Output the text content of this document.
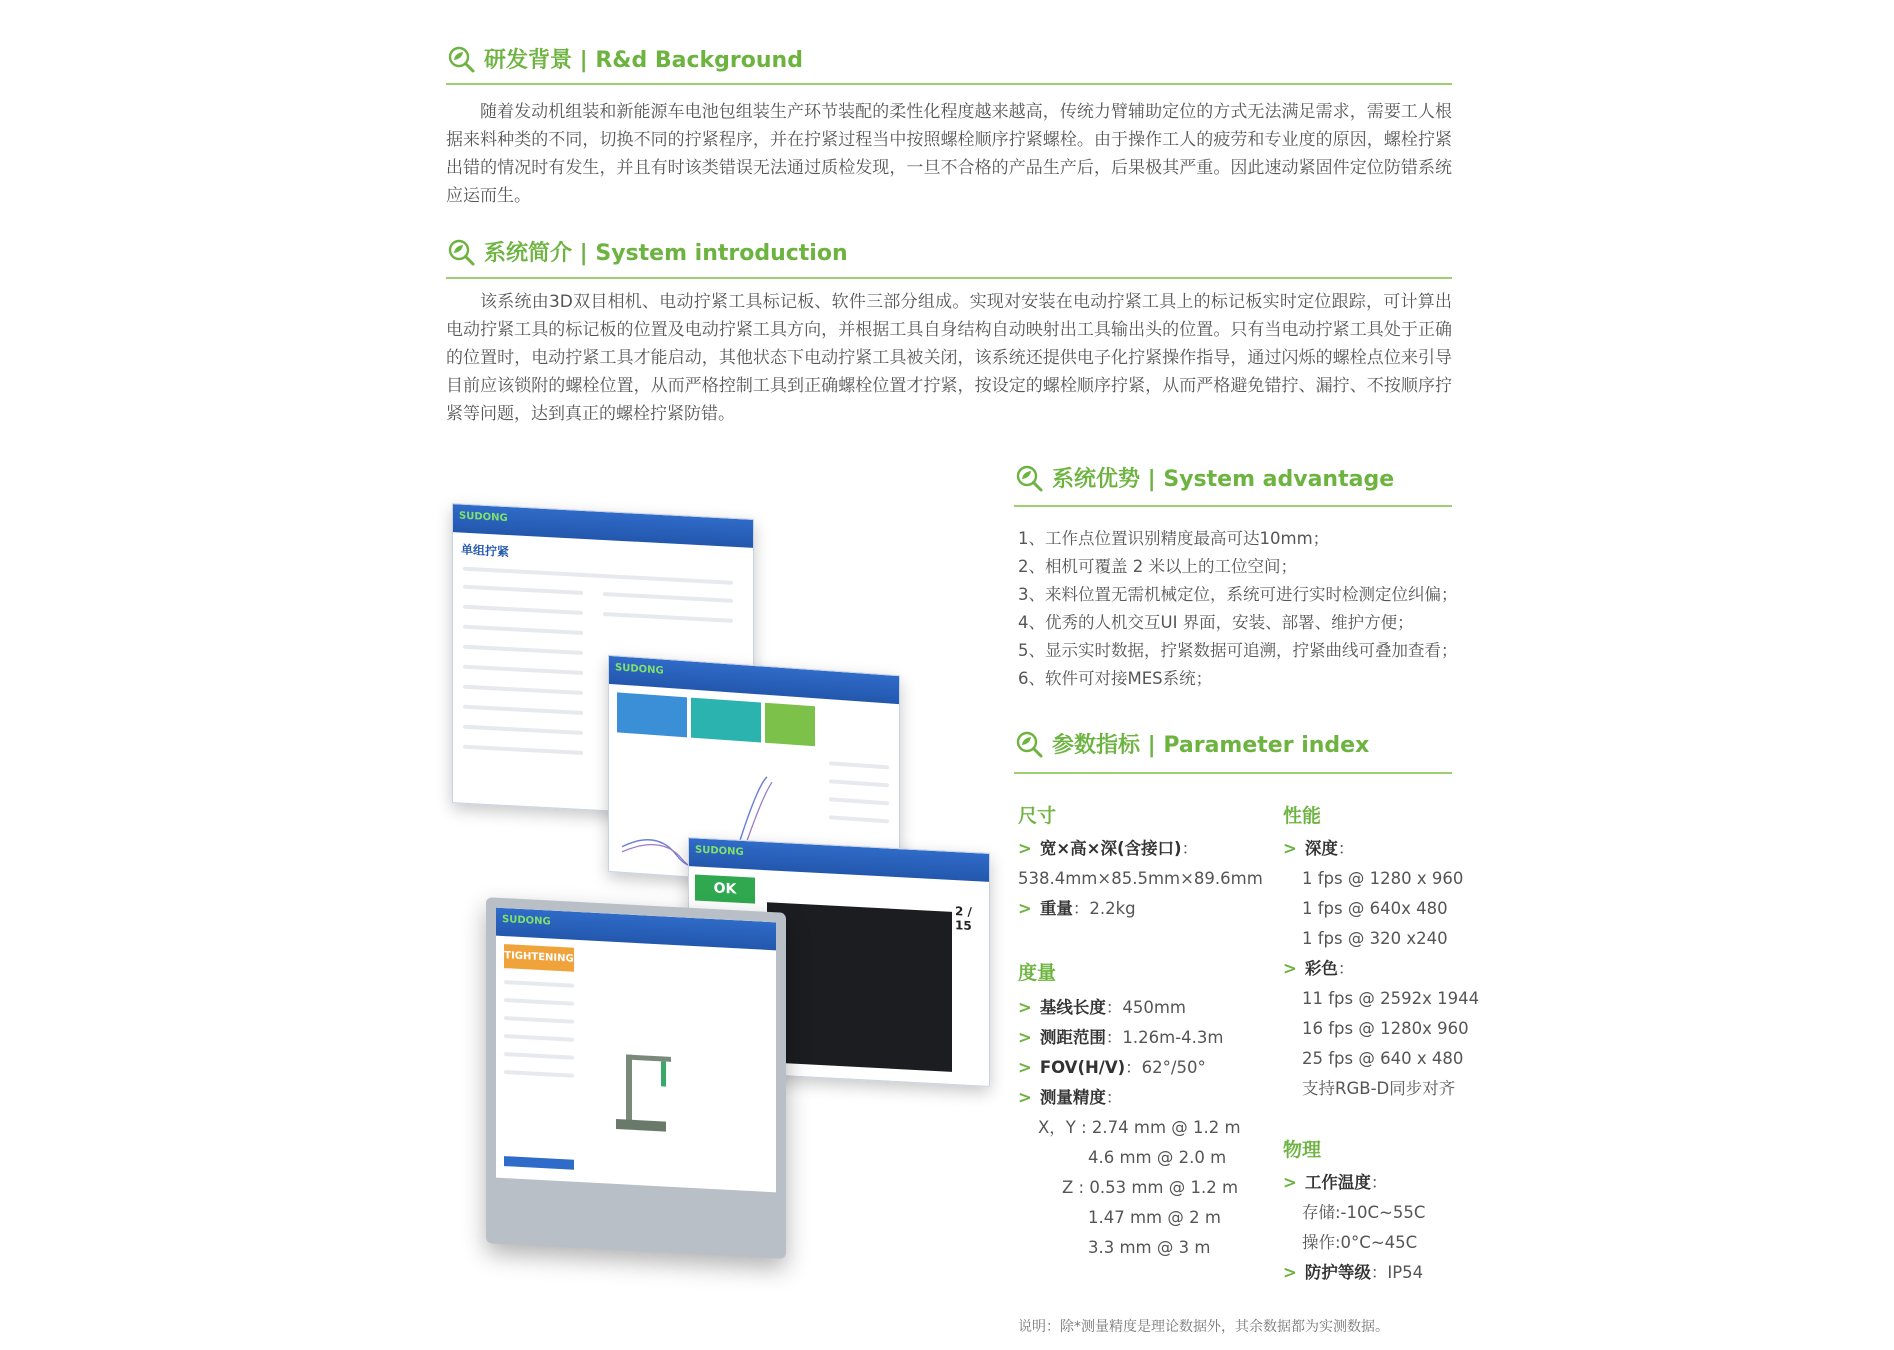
研发背景 | R&d Background

随着发动机组装和新能源车电池包组装生产环节装配的柔性化程度越来越高，传统力臂辅助定位的方式无法满足需求，需要工人根据来料种类的不同，切换不同的拧紧程序，并在拧紧过程当中按照螺栓顺序拧紧螺栓。由于操作工人的疲劳和专业度的原因，螺栓拧紧出错的情况时有发生，并且有时该类错误无法通过质检发现，一旦不合格的产品生产后，后果极其严重。因此速动紧固件定位防错系统应运而生。

系统简介 | System introduction

该系统由3D双目相机、电动拧紧工具标记板、软件三部分组成。实现对安装在电动拧紧工具上的标记板实时定位跟踪，可计算出电动拧紧工具的标记板的位置及电动拧紧工具方向，并根据工具自身结构自动映射出工具输出头的位置。只有当电动拧紧工具处于正确的位置时，电动拧紧工具才能启动，其他状态下电动拧紧工具被关闭，该系统还提供电子化拧紧操作指导，通过闪烁的螺栓点位来引导目前应该锁附的螺栓位置，从而严格控制工具到正确螺栓位置才拧紧，按设定的螺栓顺序拧紧，从而严格避免错拧、漏拧、不按顺序拧紧等问题，达到真正的螺栓拧紧防错。

SUDONG
单组拧紧
SUDONG
SUDONG
OK
2 / 15
SUDONG
TIGHTENING
系统优势 | System advantage
1、工作点位置识别精度最高可达10mm；
2、相机可覆盖 2 米以上的工位空间；
3、来料位置无需机械定位，系统可进行实时检测定位纠偏；
4、优秀的人机交互UI 界面，安装、部署、维护方便；
5、显示实时数据，拧紧数据可追溯，拧紧曲线可叠加查看；
6、软件可对接MES系统；
参数指标 | Parameter index
尺寸
> 宽×高×深(含接口)：
538.4mm×85.5mm×89.6mm
> 重量：2.2kg
度量
> 基线长度：450mm
> 测距范围：1.26m-4.3m
> FOV(H/V)：62°/50°
> 测量精度：
X，Y : 2.74 mm @ 1.2 m
4.6 mm @ 2.0 m
Z : 0.53 mm @ 1.2 m
1.47 mm @ 2 m
3.3 mm @ 3 m
性能
> 深度：
1 fps @ 1280 x 960
1 fps @ 640x 480
1 fps @ 320 x240
> 彩色：
11 fps @ 2592x 1944
16 fps @ 1280x 960
25 fps @ 640 x 480
支持RGB-D同步对齐
物理
> 工作温度：
存储:-10C~55C
操作:0°C~45C
> 防护等级：IP54
说明：除*测量精度是理论数据外，其余数据都为实测数据。
